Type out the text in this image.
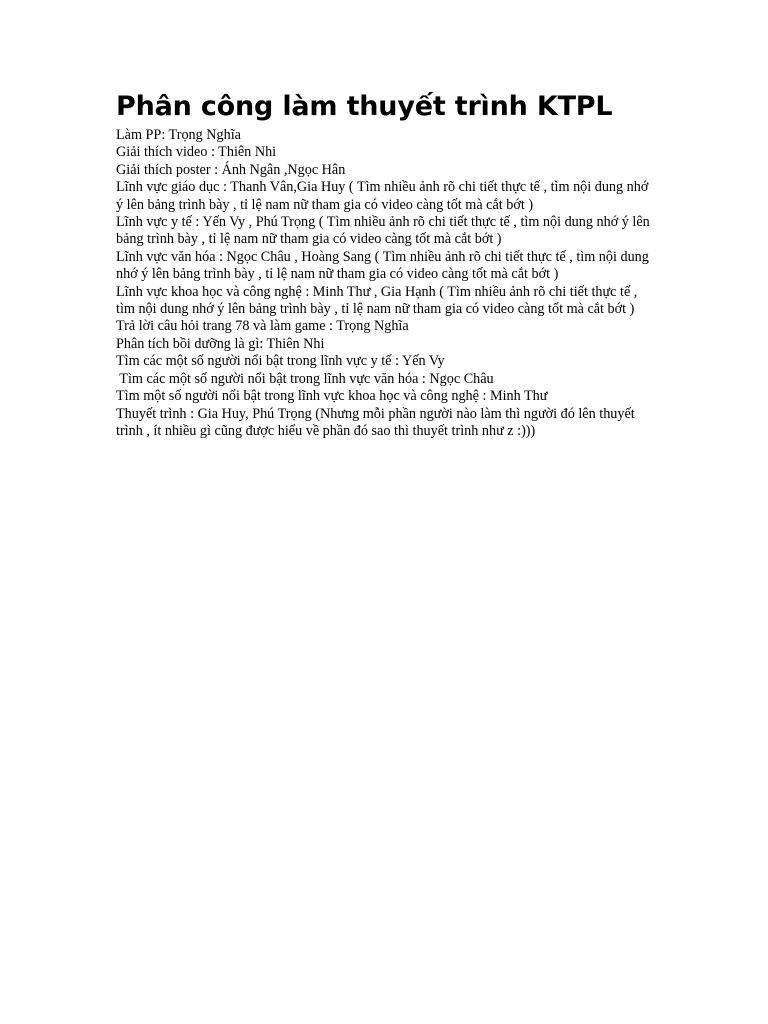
Phân công làm thuyết trình KTPL

Làm PP: Trọng Nghĩa

Giải thích video : Thiên Nhi

Giải thích poster : Ánh Ngân ,Ngọc Hân

Lĩnh vực giáo dục : Thanh Vân,Gia Huy ( Tìm nhiều ảnh rõ chi tiết thực tế , tìm nội dung nhớ ý lên bảng trình bày , tỉ lệ nam nữ tham gia có video càng tốt mà cắt bớt )

Lĩnh vực y tế : Yến Vy , Phú Trọng ( Tìm nhiều ảnh rõ chi tiết thực tế , tìm nội dung nhớ ý lên bảng trình bày , tỉ lệ nam nữ tham gia có video càng tốt mà cắt bớt )

Lĩnh vực văn hóa : Ngọc Châu , Hoàng Sang ( Tìm nhiều ảnh rõ chi tiết thực tế , tìm nội dung nhớ ý lên bảng trình bày , tỉ lệ nam nữ tham gia có video càng tốt mà cắt bớt )

Lĩnh vực khoa học và công nghệ : Minh Thư , Gia Hạnh ( Tìm nhiều ảnh rõ chi tiết thực tế , tìm nội dung nhớ ý lên bảng trình bày , tỉ lệ nam nữ tham gia có video càng tốt mà cắt bớt )

Trả lời câu hỏi trang 78 và làm game : Trọng Nghĩa

Phân tích bồi dưỡng là gì: Thiên Nhi

Tìm các một số người nổi bật trong lĩnh vực y tế : Yến Vy

Tìm các một số người nổi bật trong lĩnh vực văn hóa : Ngọc Châu

Tìm một số người nổi bật trong lĩnh vực khoa học và công nghệ : Minh Thư

Thuyết trình : Gia Huy, Phú Trọng (Nhưng mỗi phần người nào làm thì người đó lên thuyết trình , ít nhiều gì cũng được hiểu về phần đó sao thì thuyết trình như z :)))
